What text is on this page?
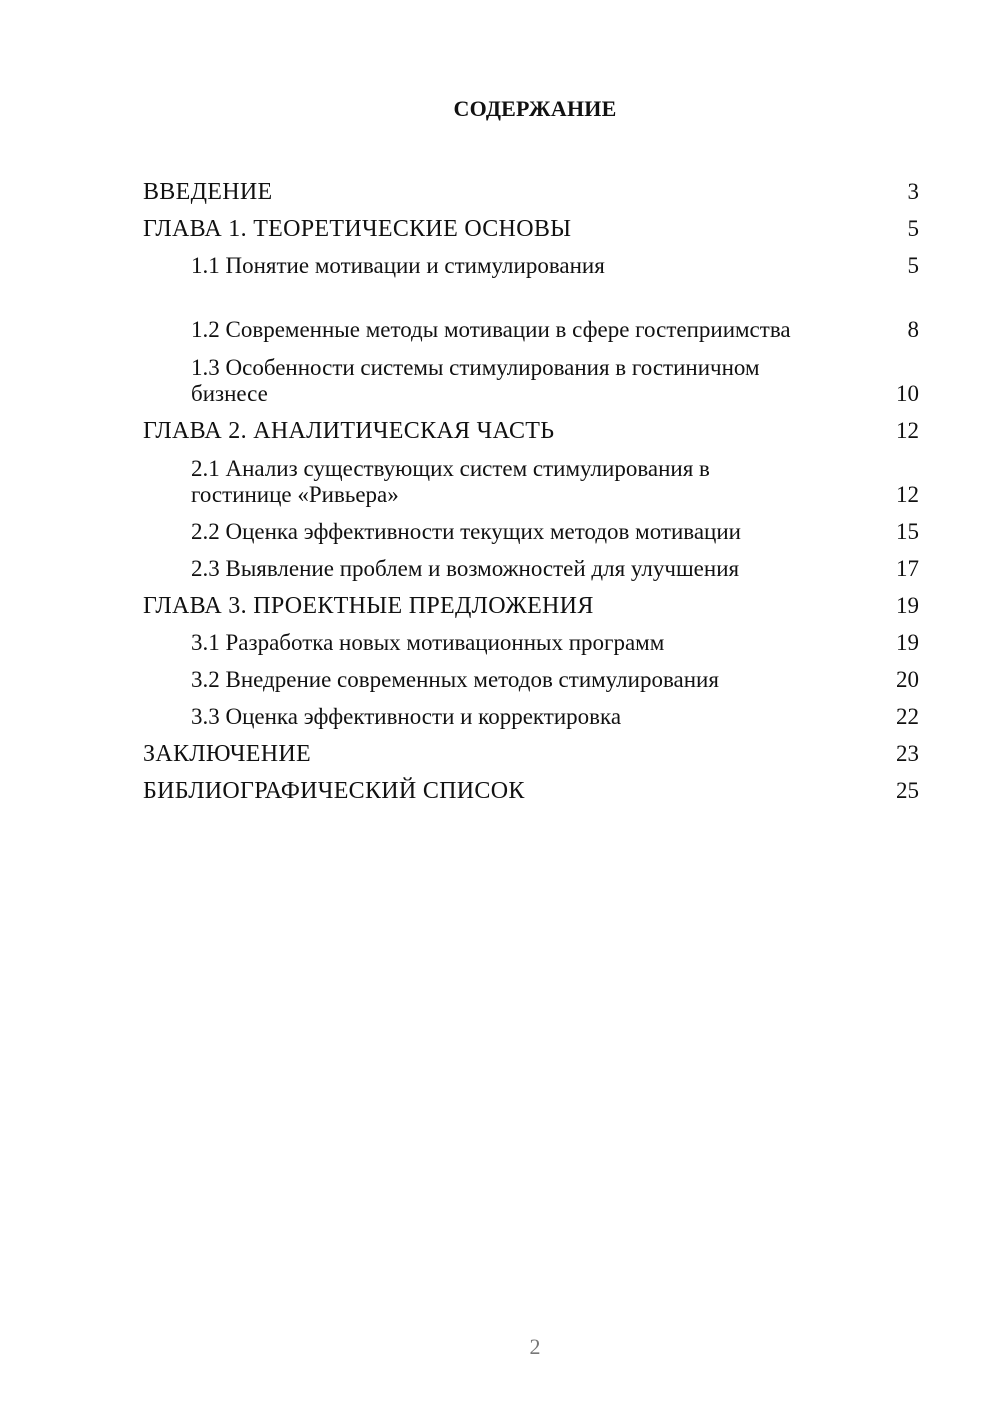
СОДЕРЖАНИЕ
ВВЕДЕНИЕ	3
ГЛАВА 1. ТЕОРЕТИЧЕСКИЕ ОСНОВЫ	5
1.1 Понятие мотивации и стимулирования	5
1.2 Современные методы мотивации в сфере гостеприимства	8
1.3 Особенности системы стимулирования в гостиничном бизнесе	10
ГЛАВА 2. АНАЛИТИЧЕСКАЯ ЧАСТЬ	12
2.1 Анализ существующих систем стимулирования в гостинице «Ривьера»	12
2.2 Оценка эффективности текущих методов мотивации	15
2.3 Выявление проблем и возможностей для улучшения	17
ГЛАВА 3. ПРОЕКТНЫЕ ПРЕДЛОЖЕНИЯ	19
3.1 Разработка новых мотивационных программ	19
3.2 Внедрение современных методов стимулирования	20
3.3 Оценка эффективности и корректировка	22
ЗАКЛЮЧЕНИЕ	23
БИБЛИОГРАФИЧЕСКИЙ СПИСОК	25
2
